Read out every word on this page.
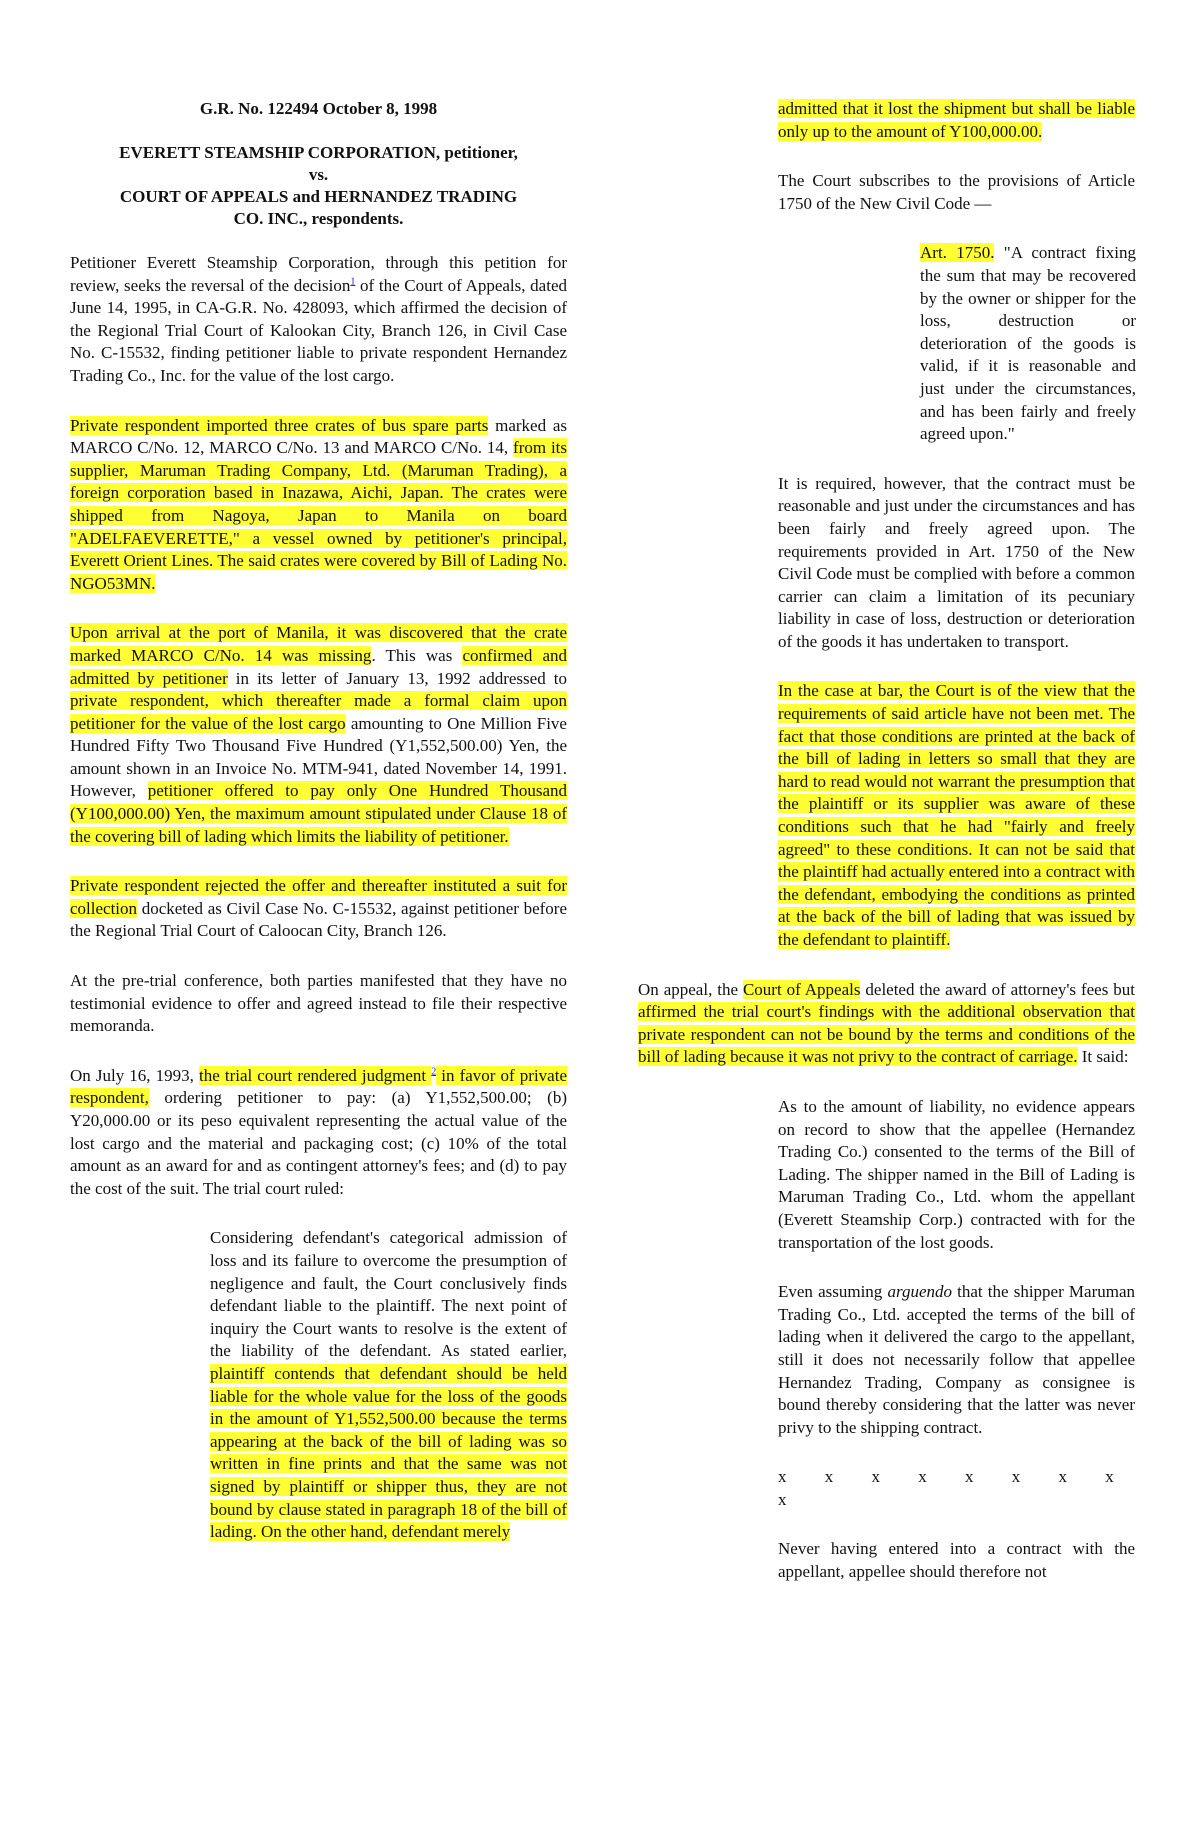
G.R. No. 122494 October 8, 1998

EVERETT STEAMSHIP CORPORATION, petitioner,

vs.

COURT OF APPEALS and HERNANDEZ TRADING

CO. INC., respondents.

Petitioner Everett Steamship Corporation, through this petition for review, seeks the reversal of the decision$^1$ of the Court of Appeals, dated June 14, 1995, in CA-G.R. No. 428093, which affirmed the decision of the Regional Trial Court of Kalookan City, Branch 126, in Civil Case No. C-15532, finding petitioner liable to private respondent Hernandez Trading Co., Inc. for the value of the lost cargo.

Private respondent imported three crates of bus spare parts marked as MARCO C/No. 12, MARCO C/No. 13 and MARCO C/No. 14, from its supplier, Maruman Trading Company, Ltd. (Maruman Trading), a foreign corporation based in Inazawa, Aichi, Japan. The crates were shipped from Nagoya, Japan to Manila on board "ADELFAEVERETTE," a vessel owned by petitioner's principal, Everett Orient Lines. The said crates were covered by Bill of Lading No. NGO53MN.

Upon arrival at the port of Manila, it was discovered that the crate marked MARCO C/No. 14 was missing. This was confirmed and admitted by petitioner in its letter of January 13, 1992 addressed to private respondent, which thereafter made a formal claim upon petitioner for the value of the lost cargo amounting to One Million Five Hundred Fifty Two Thousand Five Hundred (Y1,552,500.00) Yen, the amount shown in an Invoice No. MTM-941, dated November 14, 1991. However, petitioner offered to pay only One Hundred Thousand (Y100,000.00) Yen, the maximum amount stipulated under Clause 18 of the covering bill of lading which limits the liability of petitioner.

Private respondent rejected the offer and thereafter instituted a suit for collection docketed as Civil Case No. C-15532, against petitioner before the Regional Trial Court of Caloocan City, Branch 126.

At the pre-trial conference, both parties manifested that they have no testimonial evidence to offer and agreed instead to file their respective memoranda.

On July 16, 1993, the trial court rendered judgment $^2$ in favor of private respondent, ordering petitioner to pay: (a) Y1,552,500.00; (b) Y20,000.00 or its peso equivalent representing the actual value of the lost cargo and the material and packaging cost; (c) 10% of the total amount as an award for and as contingent attorney's fees; and (d) to pay the cost of the suit. The trial court ruled:

Considering defendant's categorical admission of loss and its failure to overcome the presumption of negligence and fault, the Court conclusively finds defendant liable to the plaintiff. The next point of inquiry the Court wants to resolve is the extent of the liability of the defendant. As stated earlier, plaintiff contends that defendant should be held liable for the whole value for the loss of the goods in the amount of Y1,552,500.00 because the terms appearing at the back of the bill of lading was so written in fine prints and that the same was not signed by plaintiff or shipper thus, they are not bound by clause stated in paragraph 18 of the bill of lading. On the other hand, defendant merely

admitted that it lost the shipment but shall be liable only up to the amount of Y100,000.00.

The Court subscribes to the provisions of Article 1750 of the New Civil Code —

Art. 1750. "A contract fixing the sum that may be recovered by the owner or shipper for the loss, destruction or deterioration of the goods is valid, if it is reasonable and just under the circumstances, and has been fairly and freely agreed upon."

It is required, however, that the contract must be reasonable and just under the circumstances and has been fairly and freely agreed upon. The requirements provided in Art. 1750 of the New Civil Code must be complied with before a common carrier can claim a limitation of its pecuniary liability in case of loss, destruction or deterioration of the goods it has undertaken to transport.

In the case at bar, the Court is of the view that the requirements of said article have not been met. The fact that those conditions are printed at the back of the bill of lading in letters so small that they are hard to read would not warrant the presumption that the plaintiff or its supplier was aware of these conditions such that he had "fairly and freely agreed" to these conditions. It can not be said that the plaintiff had actually entered into a contract with the defendant, embodying the conditions as printed at the back of the bill of lading that was issued by the defendant to plaintiff.

On appeal, the Court of Appeals deleted the award of attorney's fees but affirmed the trial court's findings with the additional observation that private respondent can not be bound by the terms and conditions of the bill of lading because it was not privy to the contract of carriage. It said:

As to the amount of liability, no evidence appears on record to show that the appellee (Hernandez Trading Co.) consented to the terms of the Bill of Lading. The shipper named in the Bill of Lading is Maruman Trading Co., Ltd. whom the appellant (Everett Steamship Corp.) contracted with for the transportation of the lost goods.

Even assuming arguendo that the shipper Maruman Trading Co., Ltd. accepted the terms of the bill of lading when it delivered the cargo to the appellant, still it does not necessarily follow that appellee Hernandez Trading, Company as consignee is bound thereby considering that the latter was never privy to the shipping contract.

x x x x x x x x x

Never having entered into a contract with the appellant, appellee should therefore not
